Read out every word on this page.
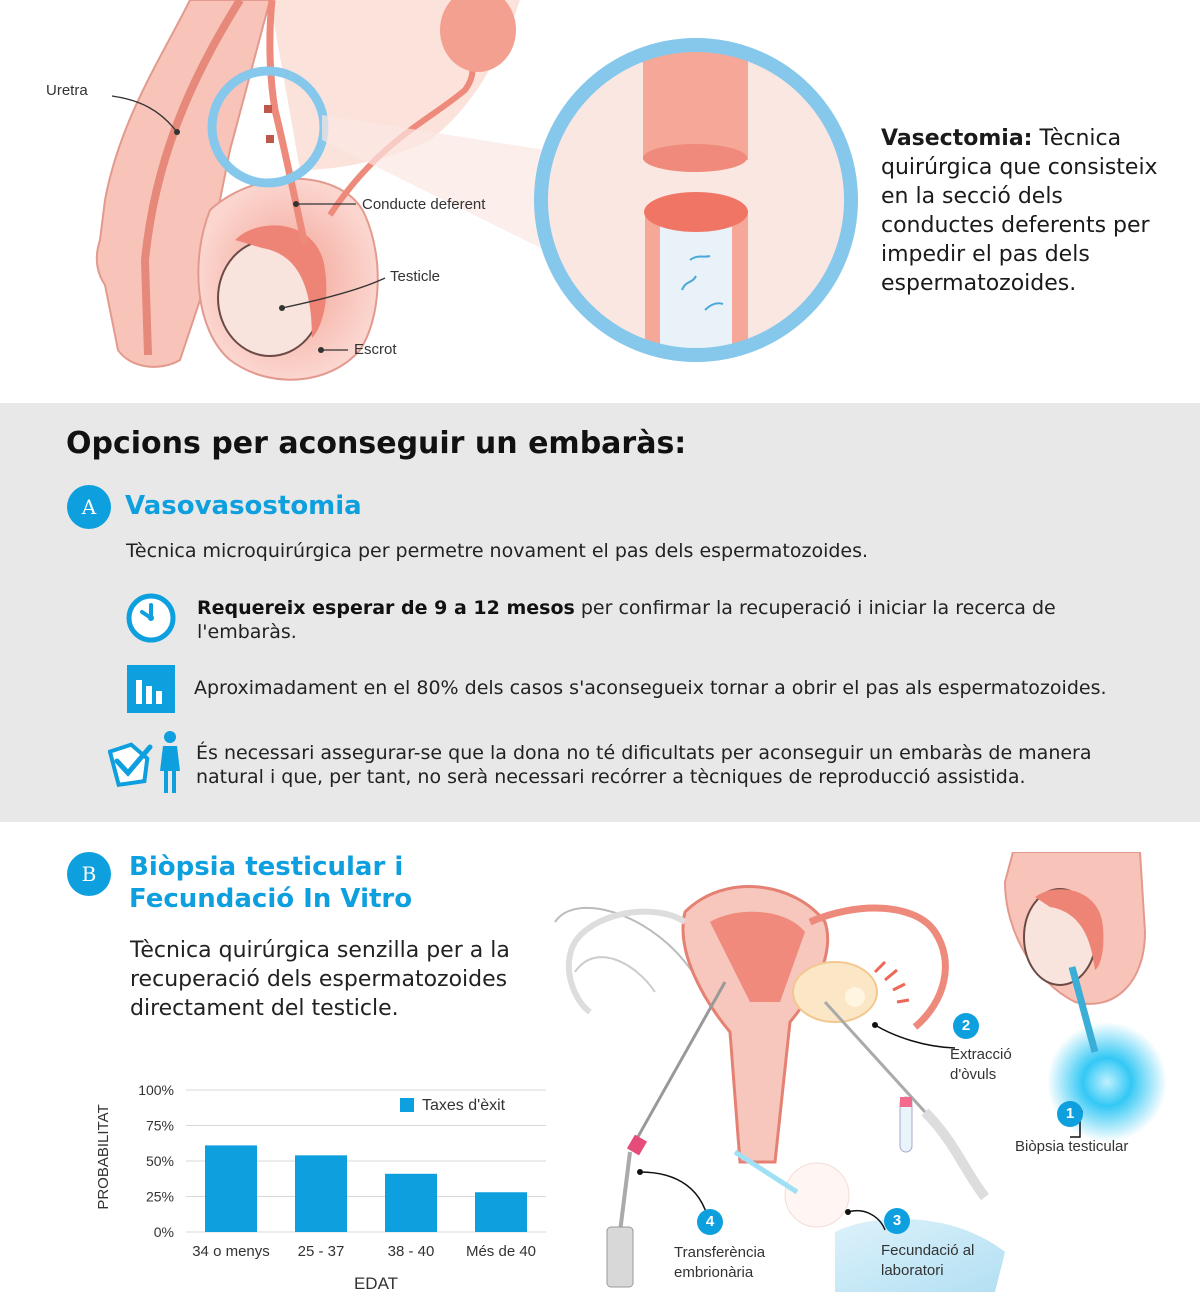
Uretra
Conducte deferent
Testicle
Escrot
Vasectomia: Tècnica quirúrgica que consisteix en la secció dels conductes deferents per impedir el pas dels espermatozoides.
Opcions per aconseguir un embaràs:
A	Vasovasostomia

Tècnica microquirúrgica per permetre novament el pas dels espermatozoides.

Requereix esperar de 9 a 12 mesos per confirmar la recuperació i iniciar la recerca de l'embaràs.

Aproximadament en el 80% dels casos s'aconsegueix tornar a obrir el pas als espermatozoides.

És necessari assegurar-se que la dona no té dificultats per aconseguir un embaràs de manera natural i que, per tant, no serà necessari recórrer a tècniques de reproducció assistida.

B	Biòpsia testicular i
Fecundació In Vitro

Tècnica quirúrgica senzilla per a la recuperació dels espermatozoides directament del testicle.

PROBABILITAT
100%
75%
50%
25%
0%
34 o menys 25 - 37	38 - 40 Més de 40
EDAT
Taxes d'èxit	1
Biòpsia testicular
2
Extracció
d'òvuls
3
Fecundació al
laboratori
4
Transferència
embrionària
